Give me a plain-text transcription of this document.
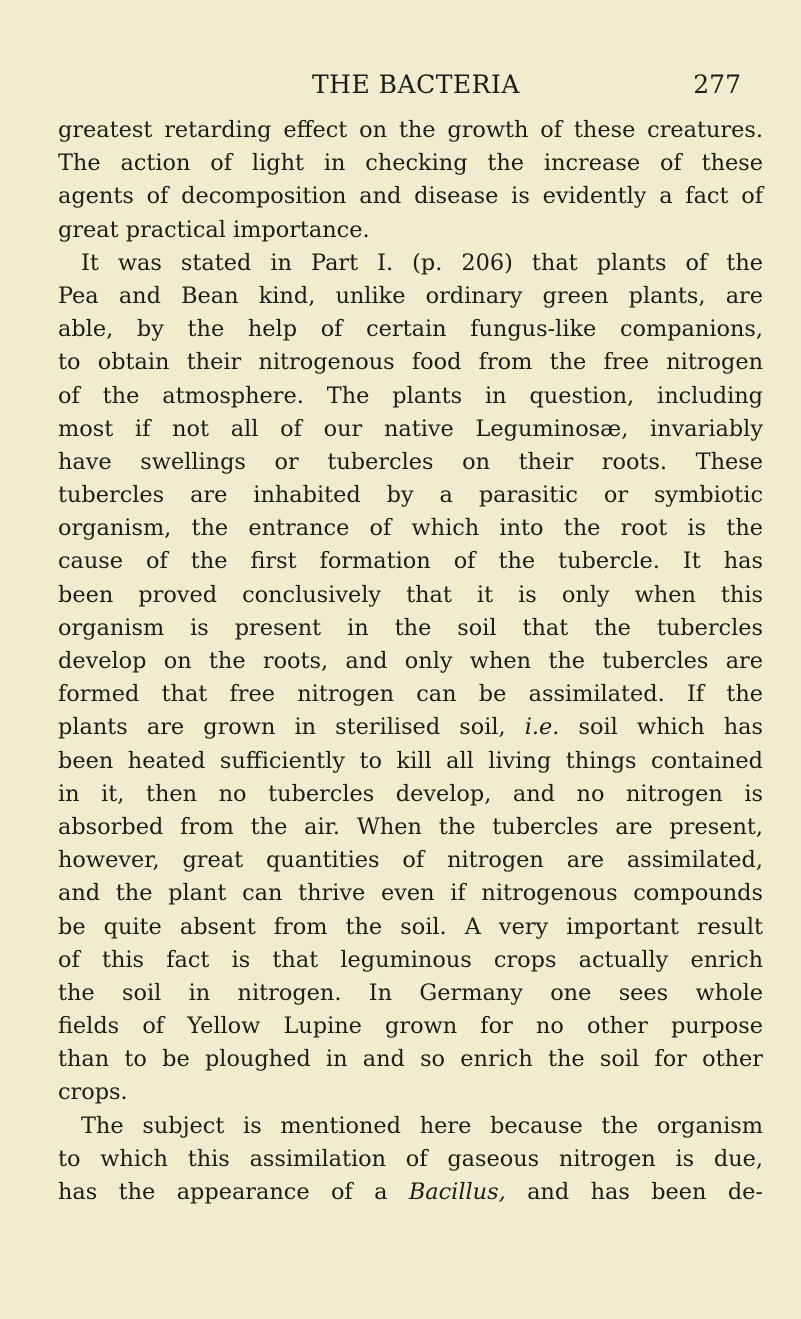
THE BACTERIA	277
greatest retarding effect on the growth of these creatures.
The action of light in checking the increase of these
agents of decomposition and disease is evidently a fact of
great practical importance.
It was stated in Part I. (p. 206) that plants of the
Pea and Bean kind, unlike ordinary green plants, are
able, by the help of certain fungus-like companions,
to obtain their nitrogenous food from the free nitrogen
of the atmosphere. The plants in question, including
most if not all of our native Leguminosæ, invariably
have swellings or tubercles on their roots. These
tubercles are inhabited by a parasitic or symbiotic
organism, the entrance of which into the root is the
cause of the first formation of the tubercle. It has
been proved conclusively that it is only when this
organism is present in the soil that the tubercles
develop on the roots, and only when the tubercles are
formed that free nitrogen can be assimilated. If the
plants are grown in sterilised soil, i.e. soil which has
been heated sufficiently to kill all living things contained
in it, then no tubercles develop, and no nitrogen is
absorbed from the air. When the tubercles are present,
however, great quantities of nitrogen are assimilated,
and the plant can thrive even if nitrogenous compounds
be quite absent from the soil. A very important result
of this fact is that leguminous crops actually enrich
the soil in nitrogen. In Germany one sees whole
fields of Yellow Lupine grown for no other purpose
than to be ploughed in and so enrich the soil for other
crops.
The subject is mentioned here because the organism
to which this assimilation of gaseous nitrogen is due,
has the appearance of a Bacillus, and has been de-
